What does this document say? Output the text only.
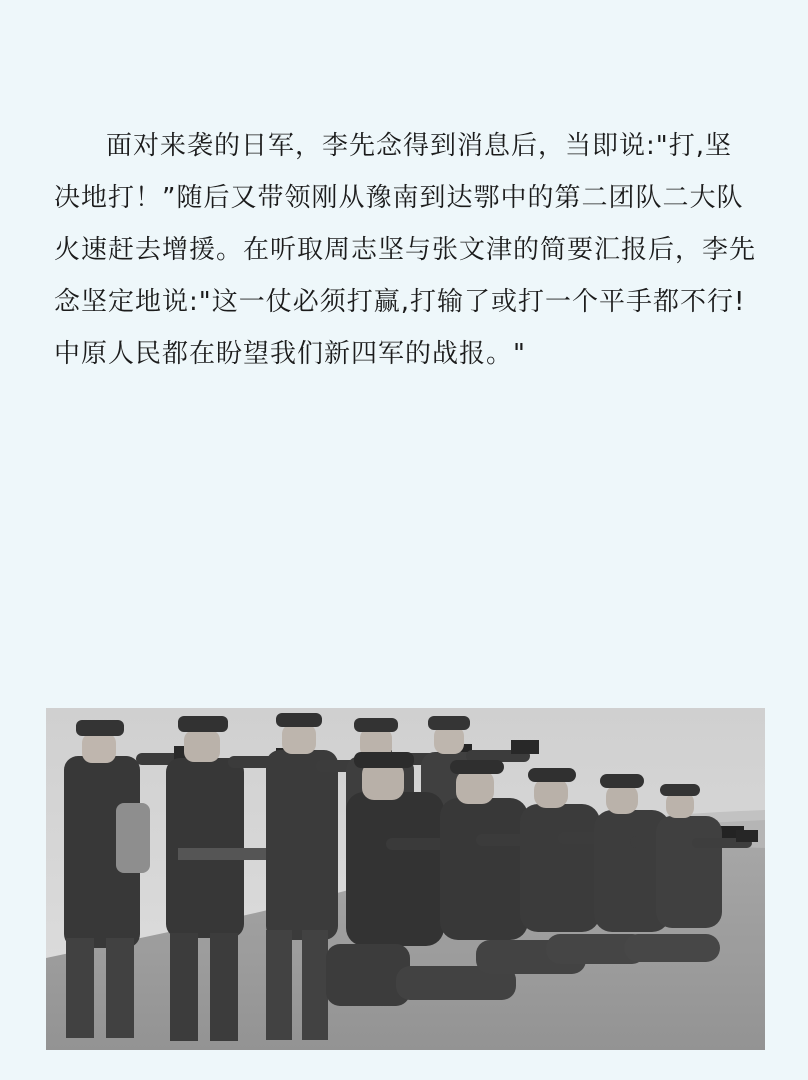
面对来袭的日军，李先念得到消息后，当即说:"打,坚决地打！”随后又带领刚从豫南到达鄂中的第二团队二大队火速赶去增援。在听取周志坚与张文津的简要汇报后，李先念坚定地说:"这一仗必须打赢,打输了或打一个平手都不行!中原人民都在盼望我们新四军的战报。"
